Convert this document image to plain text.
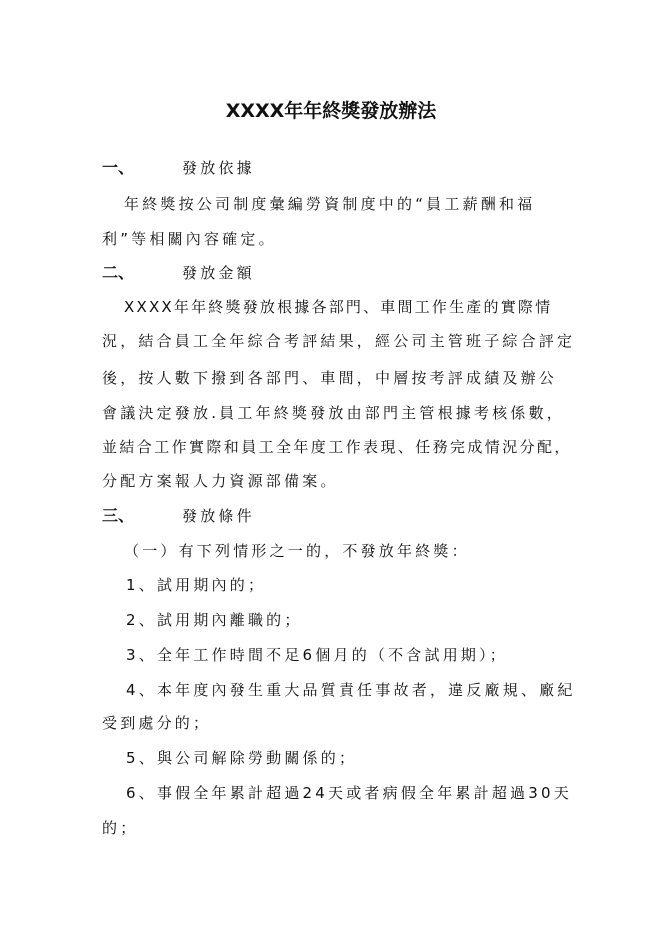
XXXX年年終獎發放辦法
一、	發放依據
年終獎按公司制度彙編勞資制度中的“員工薪酬和福
利”等相關內容確定。
二、	發放金額
XXXX年年終獎發放根據各部門、車間工作生產的實際情
況，結合員工全年綜合考評結果，經公司主管班子綜合評定
後，按人數下撥到各部門、車間，中層按考評成績及辦公
會議決定發放.員工年終獎發放由部門主管根據考核係數，
並結合工作實際和員工全年度工作表現、任務完成情況分配，
分配方案報人力資源部備案。
三、	發放條件
（一）有下列情形之一的，不發放年終獎：
1、試用期內的；
2、試用期內離職的；
3、全年工作時間不足6個月的（不含試用期）；
4、本年度內發生重大品質責任事故者，違反廠規、廠紀
受到處分的；
5、與公司解除勞動關係的；
6、事假全年累計超過24天或者病假全年累計超過30天
的；
